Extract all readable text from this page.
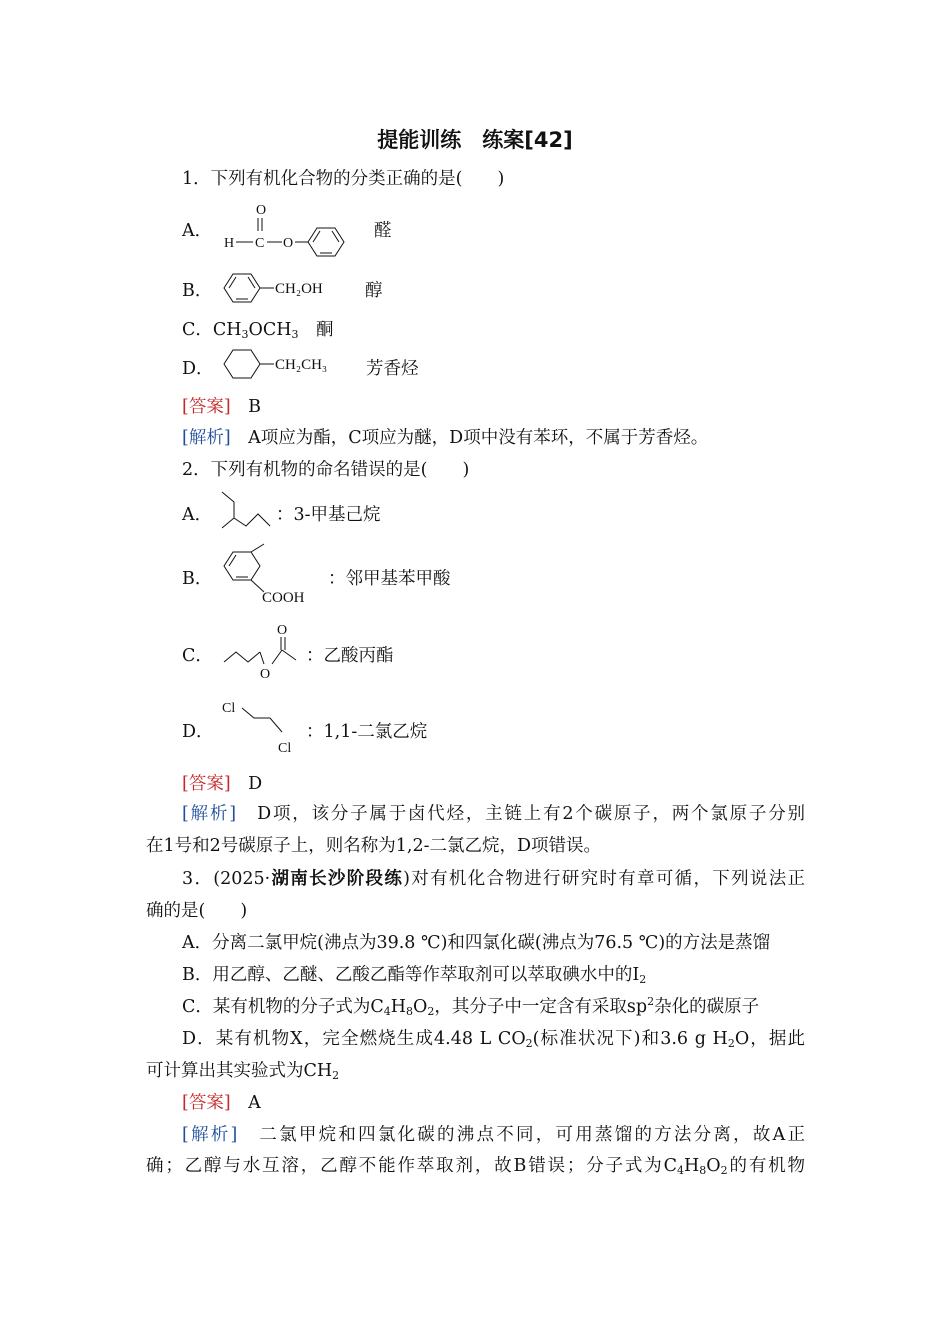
提能训练　练案[42]
1．下列有机化合物的分类正确的是(　　)
A．
O
H C O
醛
B．	CH₂OH 醇
C．$CH_3OCH_3$　 酮
D．	CH₂CH₃ 芳香烃
[答案]　 B
[解析]　 A项应为酯，C项应为醚，D项中没有苯环，不属于芳香烃。
2．下列有机物的命名错误的是(　　)
A．	：3-甲基己烷
B．
COOH
：邻甲基苯甲酸
C．
O
O
：乙酸丙酯
D．
Cl
Cl
：1,1-二氯乙烷
[答案]　 D
[解析]　 D项，该分子属于卤代烃，主链上有2个碳原子，两个氯原子分别
在1号和2号碳原子上，则名称为1,2-二氯乙烷，D项错误。
3．(2025·湖南长沙阶段练)对有机化合物进行研究时有章可循，下列说法正
确的是(　　)
A．分离二氯甲烷(沸点为39.8 ℃)和四氯化碳(沸点为76.5 ℃)的方法是蒸馏
B．用乙醇、乙醚、乙酸乙酯等作萃取剂可以萃取碘水中的$I_2$
C．某有机物的分子式为$C_4H_8O_2$，其分子中一定含有采取$sp^2$杂化的碳原子
D．某有机物X，完全燃烧生成4.48 L $CO_2$(标准状况下)和3.6 g $H_2O$，据此
可计算出其实验式为$CH_2$
[答案]　 A
[解析]　 二氯甲烷和四氯化碳的沸点不同，可用蒸馏的方法分离，故A正
确；乙醇与水互溶，乙醇不能作萃取剂，故B错误；分子式为$C_4H_8O_2$的有机物
